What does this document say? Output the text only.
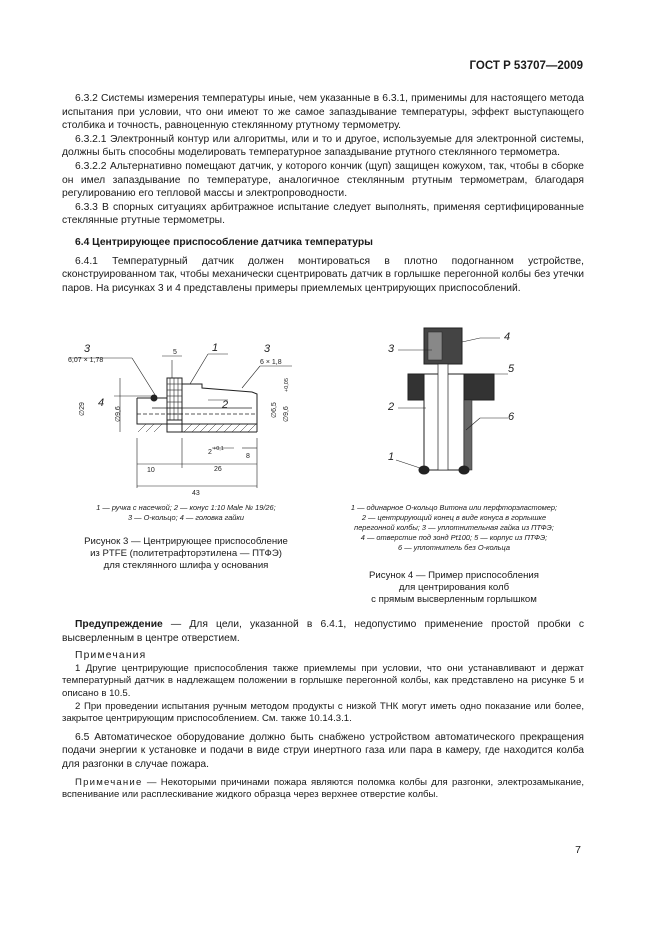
ГОСТ Р 53707—2009

6.3.2 Системы измерения температуры иные, чем указанные в 6.3.1, применимы для настоящего метода испытания при условии, что они имеют то же самое запаздывание температуры, эффект выступающего столбика и точность, равноценную стеклянному ртутному термометру.

6.3.2.1 Электронный контур или алгоритмы, или и то и другое, используемые для электронной системы, должны быть способны моделировать температурное запаздывание ртутного стеклянного термометра.

6.3.2.2 Альтернативно помещают датчик, у которого кончик (щуп) защищен кожухом, так, чтобы в сборке он имел запаздывание по температуре, аналогичное стеклянным ртутным термометрам, благодаря регулированию его тепловой массы и электропроводности.

6.3.3 В спорных ситуациях арбитражное испытание следует выполнять, применяя сертифицированные стеклянные ртутные термометры.

6.4 Центрирующее приспособление датчика температуры

6.4.1 Температурный датчик должен монтироваться в плотно подогнанном устройстве, сконструированном так, чтобы механически сцентрировать датчик в горлышке перегонной колбы без утечки паров. На рисунках 3 и 4 представлены примеры приемлемых центрирующих приспособлений.

3
6,07 × 1,78
5	1	3
6 × 1,8
4	2
∅29	∅9,6	∅6,5 ∅9,6
+0,05
2 +0,1
8
10	26
43
1 — ручка с насечкой; 2 — конус 1:10 Male № 19/26;
3 — О-кольцо; 4 — головка гайки
Рисунок 3 — Центрирующее приспособление
из PTFE (политетрафторэтилена — ПТФЭ)
для стеклянного шлифа у основания
3
4
5
2
6
1
1 — одинарное О-кольцо Витона или перфторэластомер;
2 — центрирующий конец в виде конуса в горлышке
перегонной колбы; 3 — уплотнительная гайка из ПТФЭ;
4 — отверстие под зонд Pt100; 5 — корпус из ПТФЭ;
6 — уплотнитель без О-кольца
Рисунок 4 — Пример приспособления
для центрирования колб
с прямым высверленным горлышком

Предупреждение — Для цели, указанной в 6.4.1, недопустимо применение простой пробки с высверленным в центре отверстием.

Примечания

1 Другие центрирующие приспособления также приемлемы при условии, что они устанавливают и держат температурный датчик в надлежащем положении в горлышке перегонной колбы, как представлено на рисунке 5 и описано в 10.5.

2 При проведении испытания ручным методом продукты с низкой ТНК могут иметь одно показание или более, закрытое центрирующим приспособлением. См. также 10.14.3.1.

6.5 Автоматическое оборудование должно быть снабжено устройством автоматического прекращения подачи энергии к установке и подачи в виде струи инертного газа или пара в камеру, где находится колба для разгонки в случае пожара.

Примечание — Некоторыми причинами пожара являются поломка колбы для разгонки, электрозамыкание, вспенивание или расплескивание жидкого образца через верхнее отверстие колбы.

7
